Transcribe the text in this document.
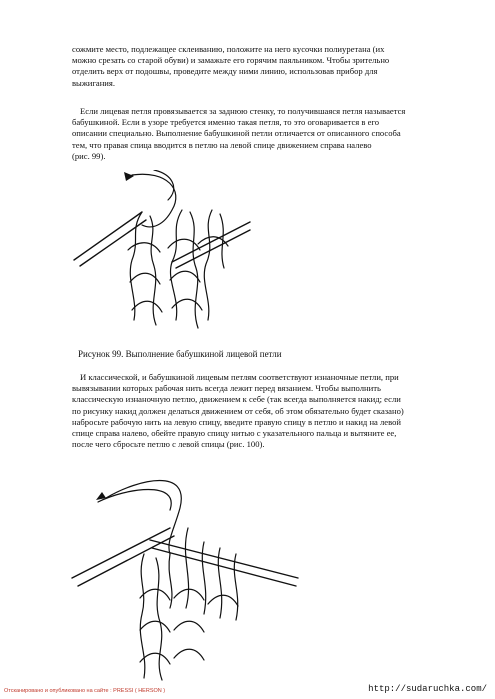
сожмите место, подлежащее склеиванию, положите на него кусочки полиуретана (их
можно срезать со старой обуви) и замажьте его горячим паяльником. Чтобы зрительно
отделить верх от подошвы, проведите между ними линию, использовав прибор для
выжигания.
Если лицевая петля провязывается за заднюю стенку, то получившаяся петля называется
бабушкиной. Если в узоре требуется именно такая петля, то это оговаривается в его
описании специально. Выполнение бабушкиной петли отличается от описанного способа
тем, что правая спица вводится в петлю на левой спице движением справа налево
(рис. 99).
Рисунок 99. Выполнение бабушкиной лицевой петли
И классической, и бабушкиной лицевым петлям соответствуют изнаночные петли, при
вывязывании которых рабочая нить всегда лежит перед вязанием. Чтобы выполнить
классическую изнаночную петлю, движением к себе (так всегда выполняется накид; если
по рисунку накид должен делаться движением от себя, об этом обязательно будет сказано)
набросьте рабочую нить на левую спицу, введите правую спицу в петлю и накид на левой
спице справа налево, обейте правую спицу нитью с указательного пальца и вытяните ее,
после чего сбросьте петлю с левой спицы (рис. 100).
Отсканировано и опубликовано на сайте : PRESSI ( HERSON )	http://sudaruchka.com/
